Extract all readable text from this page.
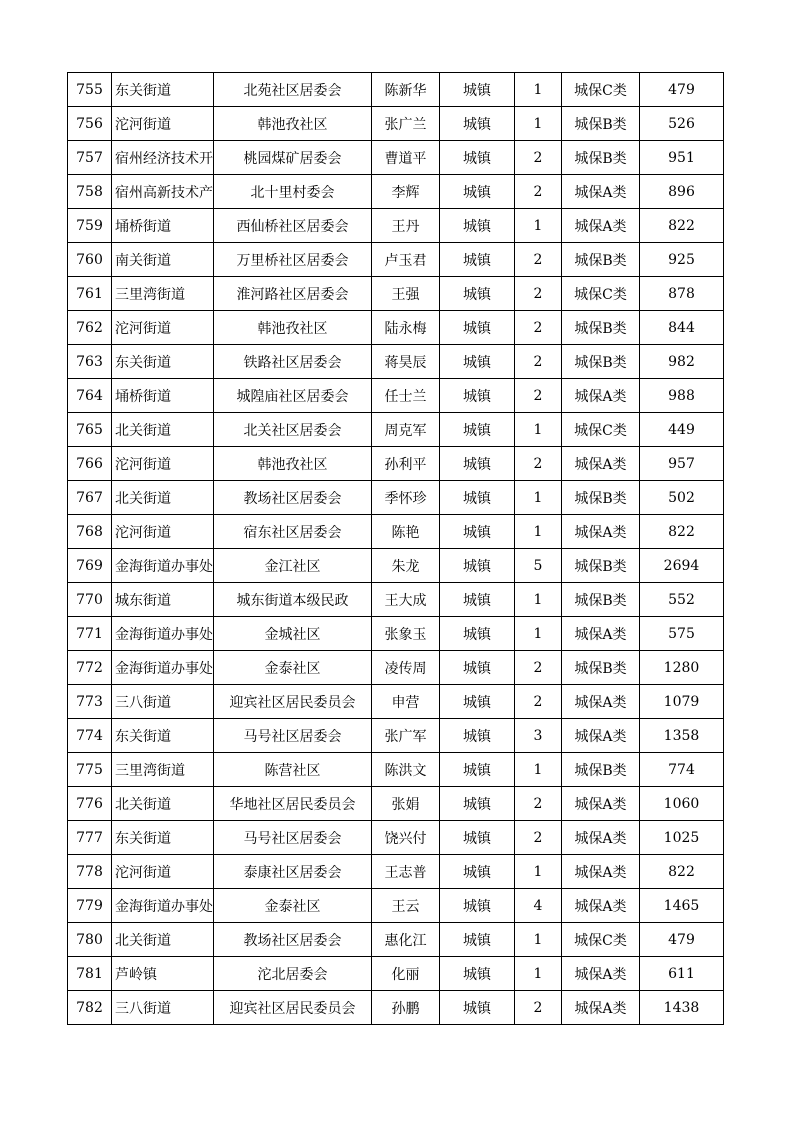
755	东关街道	北苑社区居委会	陈新华	城镇	1	城保C类	479
756	沱河街道	韩池孜社区	张广兰	城镇	1	城保B类	526
757	宿州经济技术开	桃园煤矿居委会	曹道平	城镇	2	城保B类	951
758	宿州高新技术产	北十里村委会	李辉	城镇	2	城保A类	896
759	埇桥街道	西仙桥社区居委会	王丹	城镇	1	城保A类	822
760	南关街道	万里桥社区居委会	卢玉君	城镇	2	城保B类	925
761	三里湾街道	淮河路社区居委会	王强	城镇	2	城保C类	878
762	沱河街道	韩池孜社区	陆永梅	城镇	2	城保B类	844
763	东关街道	铁路社区居委会	蒋昊辰	城镇	2	城保B类	982
764	埇桥街道	城隍庙社区居委会	任士兰	城镇	2	城保A类	988
765	北关街道	北关社区居委会	周克军	城镇	1	城保C类	449
766	沱河街道	韩池孜社区	孙利平	城镇	2	城保A类	957
767	北关街道	教场社区居委会	季怀珍	城镇	1	城保B类	502
768	沱河街道	宿东社区居委会	陈艳	城镇	1	城保A类	822
769	金海街道办事处	金江社区	朱龙	城镇	5	城保B类	2694
770	城东街道	城东街道本级民政	王大成	城镇	1	城保B类	552
771	金海街道办事处	金城社区	张象玉	城镇	1	城保A类	575
772	金海街道办事处	金泰社区	凌传周	城镇	2	城保B类	1280
773	三八街道	迎宾社区居民委员会	申营	城镇	2	城保A类	1079
774	东关街道	马号社区居委会	张广军	城镇	3	城保A类	1358
775	三里湾街道	陈营社区	陈洪文	城镇	1	城保B类	774
776	北关街道	华地社区居民委员会	张娟	城镇	2	城保A类	1060
777	东关街道	马号社区居委会	饶兴付	城镇	2	城保A类	1025
778	沱河街道	泰康社区居委会	王志普	城镇	1	城保A类	822
779	金海街道办事处	金泰社区	王云	城镇	4	城保A类	1465
780	北关街道	教场社区居委会	惠化江	城镇	1	城保C类	479
781	芦岭镇	沱北居委会	化丽	城镇	1	城保A类	611
782	三八街道	迎宾社区居民委员会	孙鹏	城镇	2	城保A类	1438
